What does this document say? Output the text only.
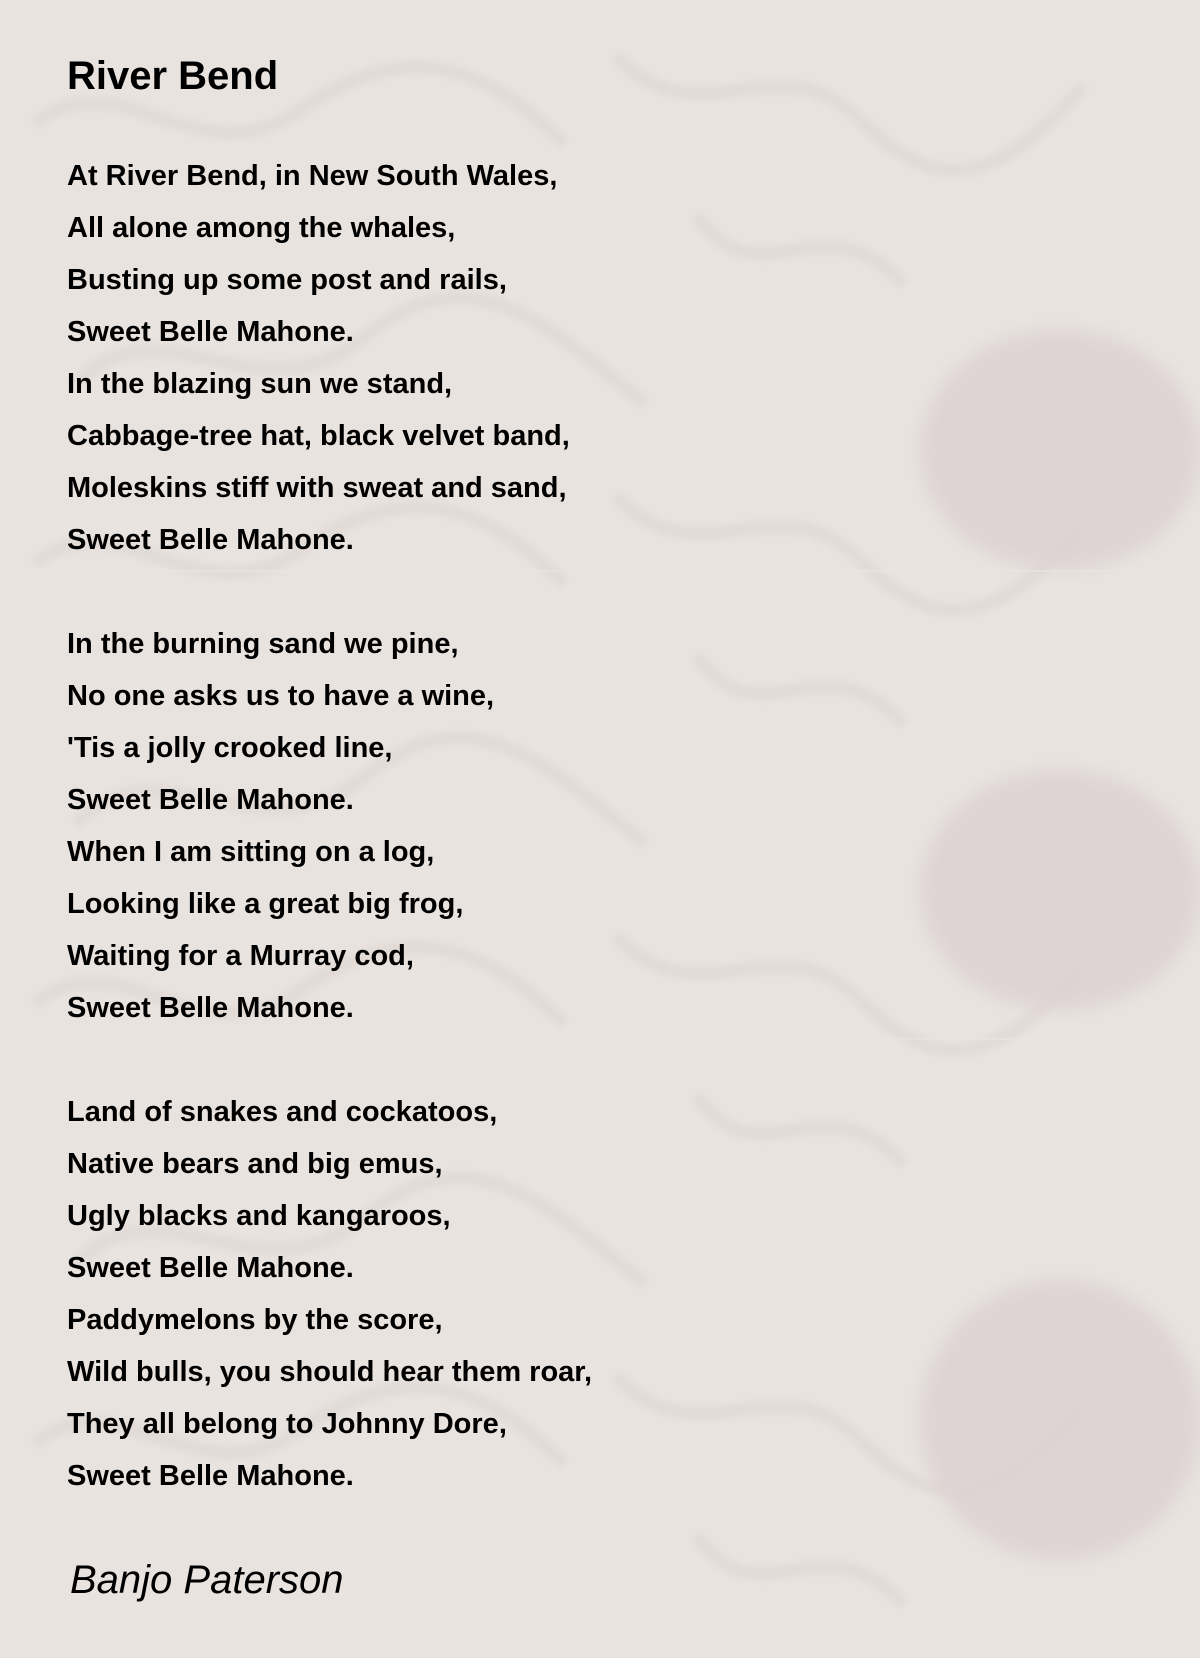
River Bend
At River Bend, in New South Wales,
All alone among the whales,
Busting up some post and rails,
Sweet Belle Mahone.
In the blazing sun we stand,
Cabbage-tree hat, black velvet band,
Moleskins stiff with sweat and sand,
Sweet Belle Mahone.
In the burning sand we pine,
No one asks us to have a wine,
'Tis a jolly crooked line,
Sweet Belle Mahone.
When I am sitting on a log,
Looking like a great big frog,
Waiting for a Murray cod,
Sweet Belle Mahone.
Land of snakes and cockatoos,
Native bears and big emus,
Ugly blacks and kangaroos,
Sweet Belle Mahone.
Paddymelons by the score,
Wild bulls, you should hear them roar,
They all belong to Johnny Dore,
Sweet Belle Mahone.
Banjo Paterson
